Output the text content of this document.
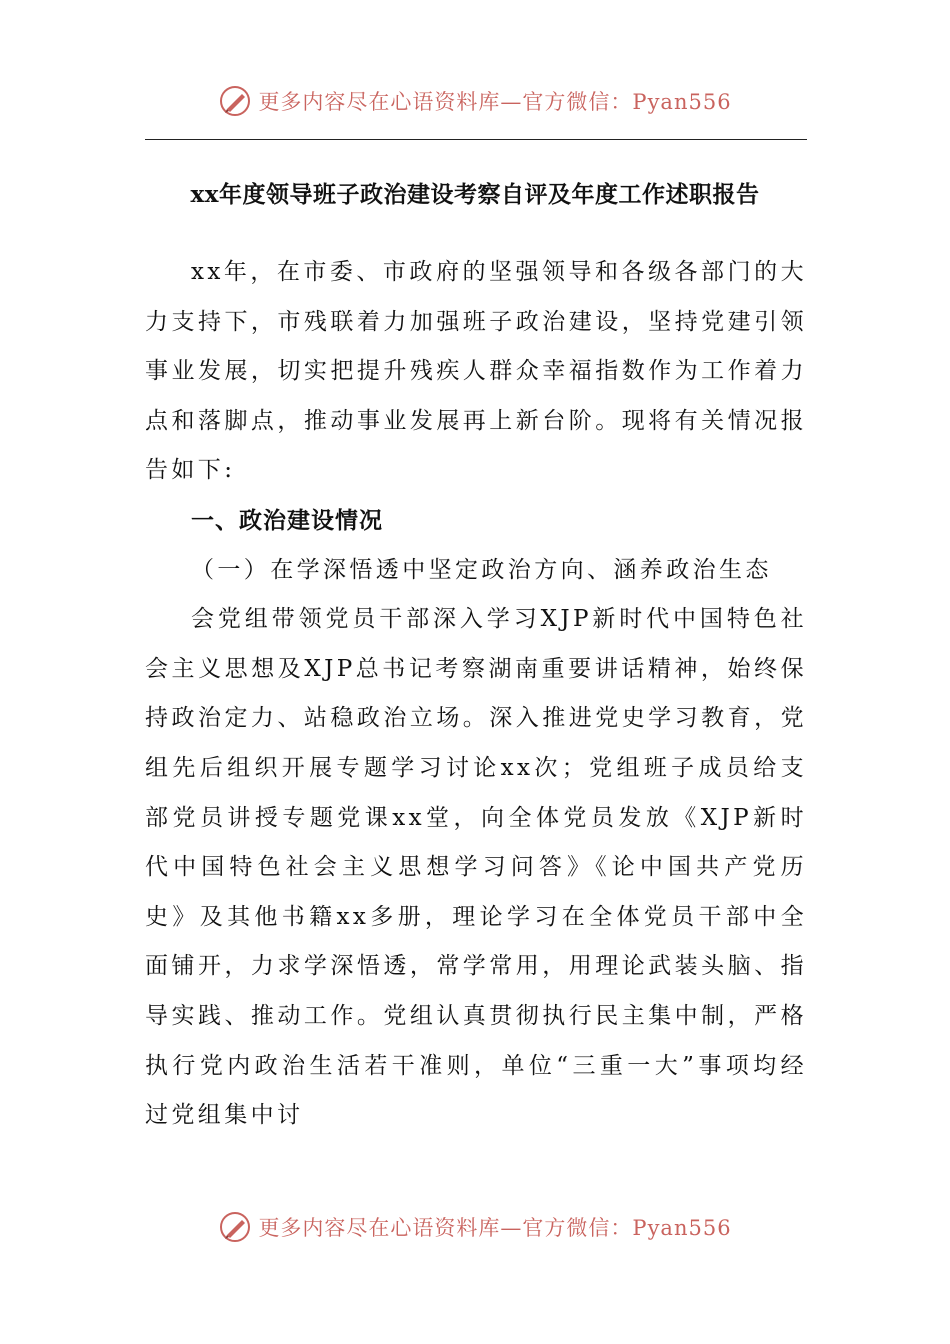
更多内容尽在心语资料库—官方微信：Pyan556
xx年度领导班子政治建设考察自评及年度工作述职报告

xx年，在市委、市政府的坚强领导和各级各部门的大力支持下，市残联着力加强班子政治建设，坚持党建引领事业发展，切实把提升残疾人群众幸福指数作为工作着力点和落脚点，推动事业发展再上新台阶。现将有关情况报告如下:

一、政治建设情况

（一）在学深悟透中坚定政治方向、涵养政治生态

会党组带领党员干部深入学习XJP新时代中国特色社会主义思想及XJP总书记考察湖南重要讲话精神，始终保持政治定力、站稳政治立场。深入推进党史学习教育，党组先后组织开展专题学习讨论xx次；党组班子成员给支部党员讲授专题党课xx堂，向全体党员发放《XJP新时代中国特色社会主义思想学习问答》《论中国共产党历史》及其他书籍xx多册，理论学习在全体党员干部中全面铺开，力求学深悟透，常学常用，用理论武装头脑、指导实践、推动工作。党组认真贯彻执行民主集中制，严格执行党内政治生活若干准则，单位“三重一大”事项均经过党组集中讨

更多内容尽在心语资料库—官方微信：Pyan556
